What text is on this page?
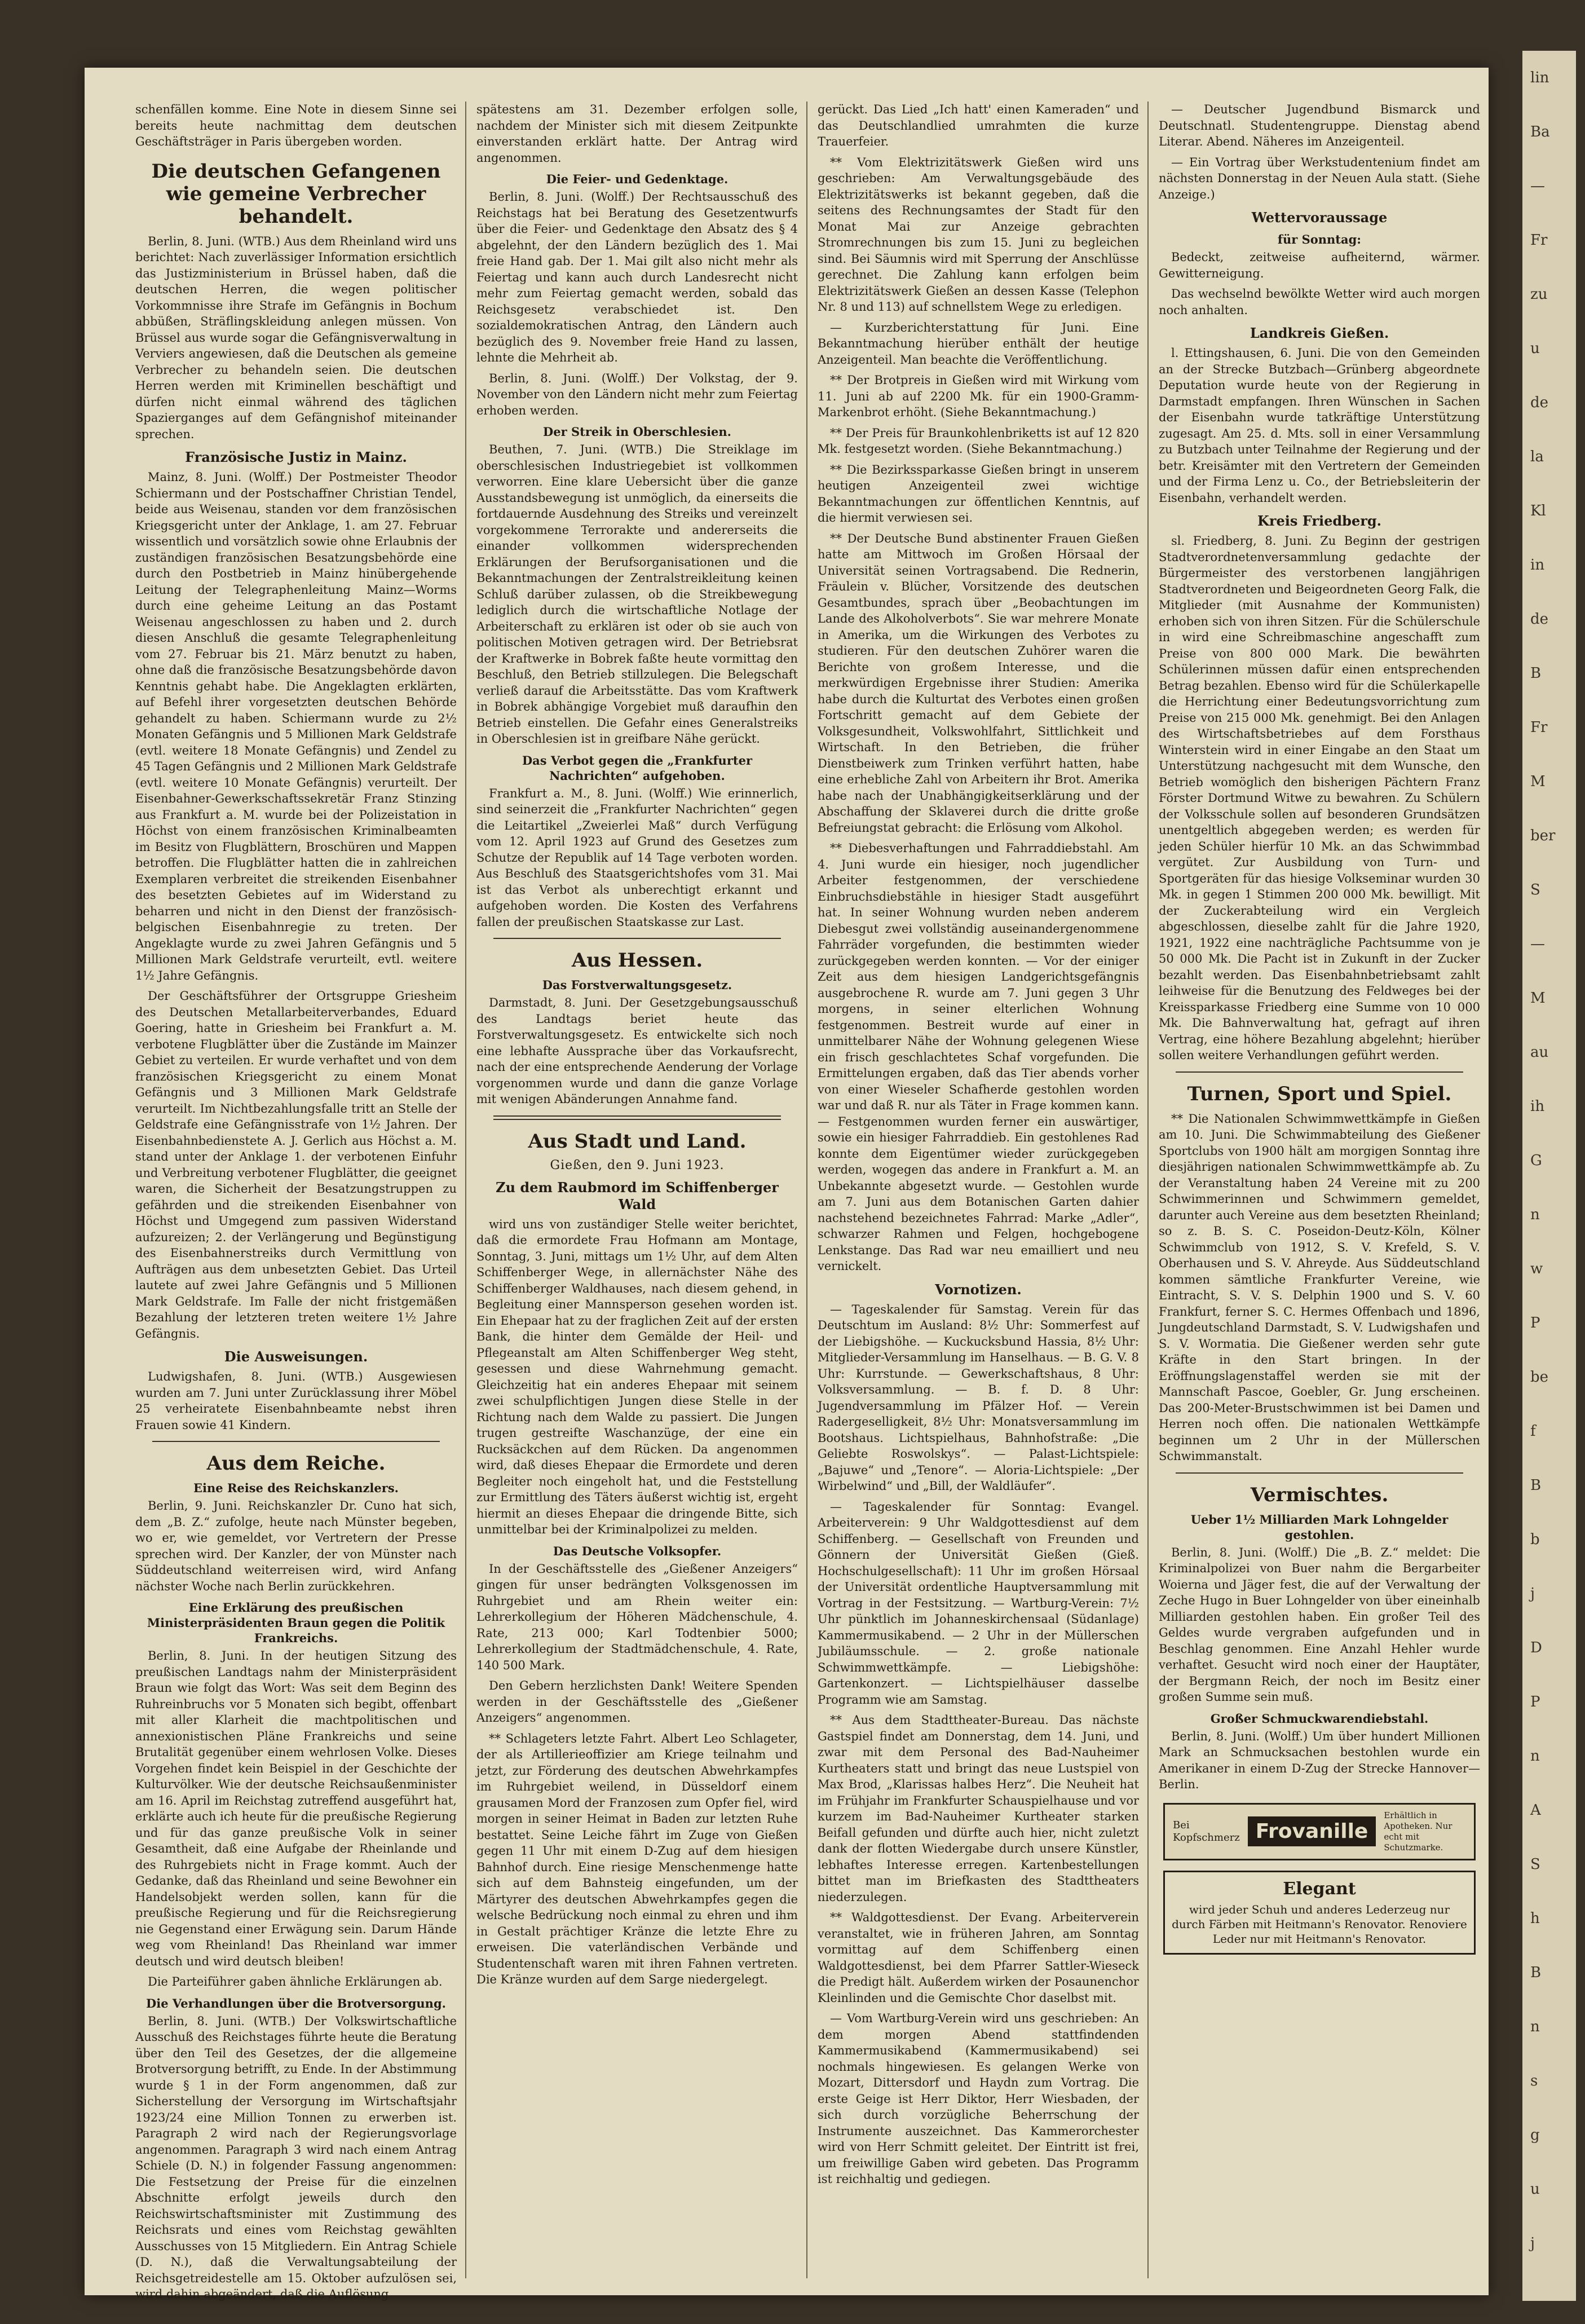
schenfällen komme. Eine Note in diesem Sinne sei bereits heute nachmittag dem deutschen Geschäftsträger in Paris übergeben worden.

Die deutschen Gefangenen wie gemeine Verbrecher behandelt.

Berlin, 8. Juni. (WTB.) Aus dem Rheinland wird uns berichtet: Nach zuverlässiger Information ersichtlich das Justizministerium in Brüssel haben, daß die deutschen Herren, die wegen politischer Vorkommnisse ihre Strafe im Gefängnis in Bochum abbüßen, Sträflingskleidung anlegen müssen. Von Brüssel aus wurde sogar die Gefängnisverwaltung in Verviers angewiesen, daß die Deutschen als gemeine Verbrecher zu behandeln seien. Die deutschen Herren werden mit Kriminellen beschäftigt und dürfen nicht einmal während des täglichen Spazierganges auf dem Gefängnishof miteinander sprechen.

Französische Justiz in Mainz.

Mainz, 8. Juni. (Wolff.) Der Postmeister Theodor Schiermann und der Postschaffner Christian Tendel, beide aus Weisenau, standen vor dem französischen Kriegsgericht unter der Anklage, 1. am 27. Februar wissentlich und vorsätzlich sowie ohne Erlaubnis der zuständigen französischen Besatzungsbehörde eine durch den Postbetrieb in Mainz hinübergehende Leitung der Telegraphenleitung Mainz—Worms durch eine geheime Leitung an das Postamt Weisenau angeschlossen zu haben und 2. durch diesen Anschluß die gesamte Telegraphenleitung vom 27. Februar bis 21. März benutzt zu haben, ohne daß die französische Besatzungsbehörde davon Kenntnis gehabt habe. Die Angeklagten erklärten, auf Befehl ihrer vorgesetzten deutschen Behörde gehandelt zu haben. Schiermann wurde zu 2½ Monaten Gefängnis und 5 Millionen Mark Geldstrafe (evtl. weitere 18 Monate Gefängnis) und Zendel zu 45 Tagen Gefängnis und 2 Millionen Mark Geldstrafe (evtl. weitere 10 Monate Gefängnis) verurteilt. Der Eisenbahner-Gewerkschaftssekretär Franz Stinzing aus Frankfurt a. M. wurde bei der Polizeistation in Höchst von einem französischen Kriminalbeamten im Besitz von Flugblättern, Broschüren und Mappen betroffen. Die Flugblätter hatten die in zahlreichen Exemplaren verbreitet die streikenden Eisenbahner des besetzten Gebietes auf im Widerstand zu beharren und nicht in den Dienst der französisch-belgischen Eisenbahnregie zu treten. Der Angeklagte wurde zu zwei Jahren Gefängnis und 5 Millionen Mark Geldstrafe verurteilt, evtl. weitere 1½ Jahre Gefängnis.

Der Geschäftsführer der Ortsgruppe Griesheim des Deutschen Metallarbeiterverbandes, Eduard Goering, hatte in Griesheim bei Frankfurt a. M. verbotene Flugblätter über die Zustände im Mainzer Gebiet zu verteilen. Er wurde verhaftet und von dem französischen Kriegsgericht zu einem Monat Gefängnis und 3 Millionen Mark Geldstrafe verurteilt. Im Nichtbezahlungsfalle tritt an Stelle der Geldstrafe eine Gefängnisstrafe von 1½ Jahren. Der Eisenbahnbedienstete A. J. Gerlich aus Höchst a. M. stand unter der Anklage 1. der verbotenen Einfuhr und Verbreitung verbotener Flugblätter, die geeignet waren, die Sicherheit der Besatzungstruppen zu gefährden und die streikenden Eisenbahner von Höchst und Umgegend zum passiven Widerstand aufzureizen; 2. der Verlängerung und Begünstigung des Eisenbahnerstreiks durch Vermittlung von Aufträgen aus dem unbesetzten Gebiet. Das Urteil lautete auf zwei Jahre Gefängnis und 5 Millionen Mark Geldstrafe. Im Falle der nicht fristgemäßen Bezahlung der letzteren treten weitere 1½ Jahre Gefängnis.

Die Ausweisungen.

Ludwigshafen, 8. Juni. (WTB.) Ausgewiesen wurden am 7. Juni unter Zurücklassung ihrer Möbel 25 verheiratete Eisenbahnbeamte nebst ihren Frauen sowie 41 Kindern.

Aus dem Reiche.
Eine Reise des Reichskanzlers.

Berlin, 9. Juni. Reichskanzler Dr. Cuno hat sich, dem „B. Z.“ zufolge, heute nach Münster begeben, wo er, wie gemeldet, vor Vertretern der Presse sprechen wird. Der Kanzler, der von Münster nach Süddeutschland weiterreisen wird, wird Anfang nächster Woche nach Berlin zurückkehren.

Eine Erklärung des preußischen Ministerpräsidenten Braun gegen die Politik Frankreichs.

Berlin, 8. Juni. In der heutigen Sitzung des preußischen Landtags nahm der Ministerpräsident Braun wie folgt das Wort: Was seit dem Beginn des Ruhreinbruchs vor 5 Monaten sich begibt, offenbart mit aller Klarheit die machtpolitischen und annexionistischen Pläne Frankreichs und seine Brutalität gegenüber einem wehrlosen Volke. Dieses Vorgehen findet kein Beispiel in der Geschichte der Kulturvölker. Wie der deutsche Reichsaußenminister am 16. April im Reichstag zutreffend ausgeführt hat, erklärte auch ich heute für die preußische Regierung und für das ganze preußische Volk in seiner Gesamtheit, daß eine Aufgabe der Rheinlande und des Ruhrgebiets nicht in Frage kommt. Auch der Gedanke, daß das Rheinland und seine Bewohner ein Handelsobjekt werden sollen, kann für die preußische Regierung und für die Reichsregierung nie Gegenstand einer Erwägung sein. Darum Hände weg vom Rheinland! Das Rheinland war immer deutsch und wird deutsch bleiben!

Die Parteiführer gaben ähnliche Erklärungen ab.

Die Verhandlungen über die Brotversorgung.

Berlin, 8. Juni. (WTB.) Der Volkswirtschaftliche Ausschuß des Reichstages führte heute die Beratung über den Teil des Gesetzes, der die allgemeine Brotversorgung betrifft, zu Ende. In der Abstimmung wurde § 1 in der Form angenommen, daß zur Sicherstellung der Versorgung im Wirtschaftsjahr 1923/24 eine Million Tonnen zu erwerben ist. Paragraph 2 wird nach der Regierungsvorlage angenommen. Paragraph 3 wird nach einem Antrag Schiele (D. N.) in folgender Fassung angenommen: Die Festsetzung der Preise für die einzelnen Abschnitte erfolgt jeweils durch den Reichswirtschaftsminister mit Zustimmung des Reichsrats und eines vom Reichstag gewählten Ausschusses von 15 Mitgliedern. Ein Antrag Schiele (D. N.), daß die Verwaltungsabteilung der Reichsgetreidestelle am 15. Oktober aufzulösen sei, wird dahin abgeändert, daß die Auflösung

spätestens am 31. Dezember erfolgen solle, nachdem der Minister sich mit diesem Zeitpunkte einverstanden erklärt hatte. Der Antrag wird angenommen.

Die Feier- und Gedenktage.

Berlin, 8. Juni. (Wolff.) Der Rechtsausschuß des Reichstags hat bei Beratung des Gesetzentwurfs über die Feier- und Gedenktage den Absatz des § 4 abgelehnt, der den Ländern bezüglich des 1. Mai freie Hand gab. Der 1. Mai gilt also nicht mehr als Feiertag und kann auch durch Landesrecht nicht mehr zum Feiertag gemacht werden, sobald das Reichsgesetz verabschiedet ist. Den sozialdemokratischen Antrag, den Ländern auch bezüglich des 9. November freie Hand zu lassen, lehnte die Mehrheit ab.

Berlin, 8. Juni. (Wolff.) Der Volkstag, der 9. November von den Ländern nicht mehr zum Feiertag erhoben werden.

Der Streik in Oberschlesien.

Beuthen, 7. Juni. (WTB.) Die Streiklage im oberschlesischen Industriegebiet ist vollkommen verworren. Eine klare Uebersicht über die ganze Ausstandsbewegung ist unmöglich, da einerseits die fortdauernde Ausdehnung des Streiks und vereinzelt vorgekommene Terrorakte und andererseits die einander vollkommen widersprechenden Erklärungen der Berufsorganisationen und die Bekanntmachungen der Zentralstreikleitung keinen Schluß darüber zulassen, ob die Streikbewegung lediglich durch die wirtschaftliche Notlage der Arbeiterschaft zu erklären ist oder ob sie auch von politischen Motiven getragen wird. Der Betriebsrat der Kraftwerke in Bobrek faßte heute vormittag den Beschluß, den Betrieb stillzulegen. Die Belegschaft verließ darauf die Arbeitsstätte. Das vom Kraftwerk in Bobrek abhängige Vorgebiet muß daraufhin den Betrieb einstellen. Die Gefahr eines Generalstreiks in Oberschlesien ist in greifbare Nähe gerückt.

Das Verbot gegen die „Frankfurter Nachrichten“ aufgehoben.

Frankfurt a. M., 8. Juni. (Wolff.) Wie erinnerlich, sind seinerzeit die „Frankfurter Nachrichten“ gegen die Leitartikel „Zweierlei Maß“ durch Verfügung vom 12. April 1923 auf Grund des Gesetzes zum Schutze der Republik auf 14 Tage verboten worden. Aus Beschluß des Staatsgerichtshofes vom 31. Mai ist das Verbot als unberechtigt erkannt und aufgehoben worden. Die Kosten des Verfahrens fallen der preußischen Staatskasse zur Last.

Aus Hessen.
Das Forstverwaltungsgesetz.

Darmstadt, 8. Juni. Der Gesetzgebungsausschuß des Landtags beriet heute das Forstverwaltungsgesetz. Es entwickelte sich noch eine lebhafte Aussprache über das Vorkaufsrecht, nach der eine entsprechende Aenderung der Vorlage vorgenommen wurde und dann die ganze Vorlage mit wenigen Abänderungen Annahme fand.

Aus Stadt und Land.
Gießen, den 9. Juni 1923.
Zu dem Raubmord im Schiffenberger Wald

wird uns von zuständiger Stelle weiter berichtet, daß die ermordete Frau Hofmann am Montage, Sonntag, 3. Juni, mittags um 1½ Uhr, auf dem Alten Schiffenberger Wege, in allernächster Nähe des Schiffenberger Waldhauses, nach diesem gehend, in Begleitung einer Mannsperson gesehen worden ist. Ein Ehepaar hat zu der fraglichen Zeit auf der ersten Bank, die hinter dem Gemälde der Heil- und Pflegeanstalt am Alten Schiffenberger Weg steht, gesessen und diese Wahrnehmung gemacht. Gleichzeitig hat ein anderes Ehepaar mit seinem zwei schulpflichtigen Jungen diese Stelle in der Richtung nach dem Walde zu passiert. Die Jungen trugen gestreifte Waschanzüge, der eine ein Rucksäckchen auf dem Rücken. Da angenommen wird, daß dieses Ehepaar die Ermordete und deren Begleiter noch eingeholt hat, und die Feststellung zur Ermittlung des Täters äußerst wichtig ist, ergeht hiermit an dieses Ehepaar die dringende Bitte, sich unmittelbar bei der Kriminalpolizei zu melden.

Das Deutsche Volksopfer.

In der Geschäftsstelle des „Gießener Anzeigers“ gingen für unser bedrängten Volksgenossen im Ruhrgebiet und am Rhein weiter ein: Lehrerkollegium der Höheren Mädchenschule, 4. Rate, 213 000; Karl Todtenbier 5000; Lehrerkollegium der Stadtmädchenschule, 4. Rate, 140 500 Mark.

Den Gebern herzlichsten Dank! Weitere Spenden werden in der Geschäftsstelle des „Gießener Anzeigers“ angenommen.

** Schlageters letzte Fahrt. Albert Leo Schlageter, der als Artillerieoffizier am Kriege teilnahm und jetzt, zur Förderung des deutschen Abwehrkampfes im Ruhrgebiet weilend, in Düsseldorf einem grausamen Mord der Franzosen zum Opfer fiel, wird morgen in seiner Heimat in Baden zur letzten Ruhe bestattet. Seine Leiche fährt im Zuge von Gießen gegen 11 Uhr mit einem D-Zug auf dem hiesigen Bahnhof durch. Eine riesige Menschenmenge hatte sich auf dem Bahnsteig eingefunden, um der Märtyrer des deutschen Abwehrkampfes gegen die welsche Bedrückung noch einmal zu ehren und ihm in Gestalt prächtiger Kränze die letzte Ehre zu erweisen. Die vaterländischen Verbände und Studentenschaft waren mit ihren Fahnen vertreten. Die Kränze wurden auf dem Sarge niedergelegt.

gerückt. Das Lied „Ich hatt' einen Kameraden“ und das Deutschlandlied umrahmten die kurze Trauerfeier.

** Vom Elektrizitätswerk Gießen wird uns geschrieben: Am Verwaltungsgebäude des Elektrizitätswerks ist bekannt gegeben, daß die seitens des Rechnungsamtes der Stadt für den Monat Mai zur Anzeige gebrachten Stromrechnungen bis zum 15. Juni zu begleichen sind. Bei Säumnis wird mit Sperrung der Anschlüsse gerechnet. Die Zahlung kann erfolgen beim Elektrizitätswerk Gießen an dessen Kasse (Telephon Nr. 8 und 113) auf schnellstem Wege zu erledigen.

— Kurzberichterstattung für Juni. Eine Bekanntmachung hierüber enthält der heutige Anzeigenteil. Man beachte die Veröffentlichung.

** Der Brotpreis in Gießen wird mit Wirkung vom 11. Juni ab auf 2200 Mk. für ein 1900-Gramm-Markenbrot erhöht. (Siehe Bekanntmachung.)

** Der Preis für Braunkohlenbriketts ist auf 12 820 Mk. festgesetzt worden. (Siehe Bekanntmachung.)

** Die Bezirkssparkasse Gießen bringt in unserem heutigen Anzeigenteil zwei wichtige Bekanntmachungen zur öffentlichen Kenntnis, auf die hiermit verwiesen sei.

** Der Deutsche Bund abstinenter Frauen Gießen hatte am Mittwoch im Großen Hörsaal der Universität seinen Vortragsabend. Die Rednerin, Fräulein v. Blücher, Vorsitzende des deutschen Gesamtbundes, sprach über „Beobachtungen im Lande des Alkoholverbots“. Sie war mehrere Monate in Amerika, um die Wirkungen des Verbotes zu studieren. Für den deutschen Zuhörer waren die Berichte von großem Interesse, und die merkwürdigen Ergebnisse ihrer Studien: Amerika habe durch die Kulturtat des Verbotes einen großen Fortschritt gemacht auf dem Gebiete der Volksgesundheit, Volkswohlfahrt, Sittlichkeit und Wirtschaft. In den Betrieben, die früher Dienstbeiwerk zum Trinken verführt hatten, habe eine erhebliche Zahl von Arbeitern ihr Brot. Amerika habe nach der Unabhängigkeitserklärung und der Abschaffung der Sklaverei durch die dritte große Befreiungstat gebracht: die Erlösung vom Alkohol.

** Diebesverhaftungen und Fahrraddiebstahl. Am 4. Juni wurde ein hiesiger, noch jugendlicher Arbeiter festgenommen, der verschiedene Einbruchsdiebstähle in hiesiger Stadt ausgeführt hat. In seiner Wohnung wurden neben anderem Diebesgut zwei vollständig auseinandergenommene Fahrräder vorgefunden, die bestimmten wieder zurückgegeben werden konnten. — Vor der einiger Zeit aus dem hiesigen Landgerichtsgefängnis ausgebrochene R. wurde am 7. Juni gegen 3 Uhr morgens, in seiner elterlichen Wohnung festgenommen. Bestreit wurde auf einer in unmittelbarer Nähe der Wohnung gelegenen Wiese ein frisch geschlachtetes Schaf vorgefunden. Die Ermittelungen ergaben, daß das Tier abends vorher von einer Wieseler Schafherde gestohlen worden war und daß R. nur als Täter in Frage kommen kann. — Festgenommen wurden ferner ein auswärtiger, sowie ein hiesiger Fahrraddieb. Ein gestohlenes Rad konnte dem Eigentümer wieder zurückgegeben werden, wogegen das andere in Frankfurt a. M. an Unbekannte abgesetzt wurde. — Gestohlen wurde am 7. Juni aus dem Botanischen Garten dahier nachstehend bezeichnetes Fahrrad: Marke „Adler“, schwarzer Rahmen und Felgen, hochgebogene Lenkstange. Das Rad war neu emailliert und neu vernickelt.

Vornotizen.

— Tageskalender für Samstag. Verein für das Deutschtum im Ausland: 8½ Uhr: Sommerfest auf der Liebigshöhe. — Kuckucksbund Hassia, 8½ Uhr: Mitglieder-Versammlung im Hanselhaus. — B. G. V. 8 Uhr: Kurrstunde. — Gewerkschaftshaus, 8 Uhr: Volksversammlung. — B. f. D. 8 Uhr: Jugendversammlung im Pfälzer Hof. — Verein Radergeselligkeit, 8½ Uhr: Monatsversammlung im Bootshaus. Lichtspielhaus, Bahnhofstraße: „Die Geliebte Roswolskys“. — Palast-Lichtspiele: „Bajuwe“ und „Tenore“. — Aloria-Lichtspiele: „Der Wirbelwind“ und „Bill, der Waldläufer“.

— Tageskalender für Sonntag: Evangel. Arbeiterverein: 9 Uhr Waldgottesdienst auf dem Schiffenberg. — Gesellschaft von Freunden und Gönnern der Universität Gießen (Gieß. Hochschulgesellschaft): 11 Uhr im großen Hörsaal der Universität ordentliche Hauptversammlung mit Vortrag in der Festsitzung. — Wartburg-Verein: 7½ Uhr pünktlich im Johanneskirchensaal (Südanlage) Kammermusikabend. — 2 Uhr in der Müllerschen Jubiläumsschule. — 2. große nationale Schwimmwettkämpfe. — Liebigshöhe: Gartenkonzert. — Lichtspielhäuser dasselbe Programm wie am Samstag.

** Aus dem Stadttheater-Bureau. Das nächste Gastspiel findet am Donnerstag, dem 14. Juni, und zwar mit dem Personal des Bad-Nauheimer Kurtheaters statt und bringt das neue Lustspiel von Max Brod, „Klarissas halbes Herz“. Die Neuheit hat im Frühjahr im Frankfurter Schauspielhause und vor kurzem im Bad-Nauheimer Kurtheater starken Beifall gefunden und dürfte auch hier, nicht zuletzt dank der flotten Wiedergabe durch unsere Künstler, lebhaftes Interesse erregen. Kartenbestellungen bittet man im Briefkasten des Stadttheaters niederzulegen.

** Waldgottesdienst. Der Evang. Arbeiterverein veranstaltet, wie in früheren Jahren, am Sonntag vormittag auf dem Schiffenberg einen Waldgottesdienst, bei dem Pfarrer Sattler-Wieseck die Predigt hält. Außerdem wirken der Posaunenchor Kleinlinden und die Gemischte Chor daselbst mit.

— Vom Wartburg-Verein wird uns geschrieben: An dem morgen Abend stattfindenden Kammermusikabend (Kammermusikabend) sei nochmals hingewiesen. Es gelangen Werke von Mozart, Dittersdorf und Haydn zum Vortrag. Die erste Geige ist Herr Diktor, Herr Wiesbaden, der sich durch vorzügliche Beherrschung der Instrumente auszeichnet. Das Kammerorchester wird von Herr Schmitt geleitet. Der Eintritt ist frei, um freiwillige Gaben wird gebeten. Das Programm ist reichhaltig und gediegen.

— Deutscher Jugendbund Bismarck und Deutschnatl. Studentengruppe. Dienstag abend Literar. Abend. Näheres im Anzeigenteil.

— Ein Vortrag über Werkstudentenium findet am nächsten Donnerstag in der Neuen Aula statt. (Siehe Anzeige.)

Wettervoraussage
für Sonntag:

Bedeckt, zeitweise aufheiternd, wärmer. Gewitterneigung.

Das wechselnd bewölkte Wetter wird auch morgen noch anhalten.

Landkreis Gießen.

l. Ettingshausen, 6. Juni. Die von den Gemeinden an der Strecke Butzbach—Grünberg abgeordnete Deputation wurde heute von der Regierung in Darmstadt empfangen. Ihren Wünschen in Sachen der Eisenbahn wurde tatkräftige Unterstützung zugesagt. Am 25. d. Mts. soll in einer Versammlung zu Butzbach unter Teilnahme der Regierung und der betr. Kreisämter mit den Vertretern der Gemeinden und der Firma Lenz u. Co., der Betriebsleiterin der Eisenbahn, verhandelt werden.

Kreis Friedberg.

sl. Friedberg, 8. Juni. Zu Beginn der gestrigen Stadtverordnetenversammlung gedachte der Bürgermeister des verstorbenen langjährigen Stadtverordneten und Beigeordneten Georg Falk, die Mitglieder (mit Ausnahme der Kommunisten) erhoben sich von ihren Sitzen. Für die Schülerschule in wird eine Schreibmaschine angeschafft zum Preise von 800 000 Mark. Die bewährten Schülerinnen müssen dafür einen entsprechenden Betrag bezahlen. Ebenso wird für die Schülerkapelle die Herrichtung einer Bedeutungsvorrichtung zum Preise von 215 000 Mk. genehmigt. Bei den Anlagen des Wirtschaftsbetriebes auf dem Forsthaus Winterstein wird in einer Eingabe an den Staat um Unterstützung nachgesucht mit dem Wunsche, den Betrieb womöglich den bisherigen Pächtern Franz Förster Dortmund Witwe zu bewahren. Zu Schülern der Volksschule sollen auf besonderen Grundsätzen unentgeltlich abgegeben werden; es werden für jeden Schüler hierfür 10 Mk. an das Schwimmbad vergütet. Zur Ausbildung von Turn- und Sportgeräten für das hiesige Volkseminar wurden 30 Mk. in gegen 1 Stimmen 200 000 Mk. bewilligt. Mit der Zuckerabteilung wird ein Vergleich abgeschlossen, dieselbe zahlt für die Jahre 1920, 1921, 1922 eine nachträgliche Pachtsumme von je 50 000 Mk. Die Pacht ist in Zukunft in der Zucker bezahlt werden. Das Eisenbahnbetriebsamt zahlt leihweise für die Benutzung des Feldweges bei der Kreissparkasse Friedberg eine Summe von 10 000 Mk. Die Bahnverwaltung hat, gefragt auf ihren Vertrag, eine höhere Bezahlung abgelehnt; hierüber sollen weitere Verhandlungen geführt werden.

Turnen, Sport und Spiel.

** Die Nationalen Schwimmwettkämpfe in Gießen am 10. Juni. Die Schwimmabteilung des Gießener Sportclubs von 1900 hält am morgigen Sonntag ihre diesjährigen nationalen Schwimmwettkämpfe ab. Zu der Veranstaltung haben 24 Vereine mit zu 200 Schwimmerinnen und Schwimmern gemeldet, darunter auch Vereine aus dem besetzten Rheinland; so z. B. S. C. Poseidon-Deutz-Köln, Kölner Schwimmclub von 1912, S. V. Krefeld, S. V. Oberhausen und S. V. Ahreyde. Aus Süddeutschland kommen sämtliche Frankfurter Vereine, wie Eintracht, S. V. S. Delphin 1900 und S. V. 60 Frankfurt, ferner S. C. Hermes Offenbach und 1896, Jungdeutschland Darmstadt, S. V. Ludwigshafen und S. V. Wormatia. Die Gießener werden sehr gute Kräfte in den Start bringen. In der Eröffnungslagenstaffel werden sie mit der Mannschaft Pascoe, Goebler, Gr. Jung erscheinen. Das 200-Meter-Brustschwimmen ist bei Damen und Herren noch offen. Die nationalen Wettkämpfe beginnen um 2 Uhr in der Müllerschen Schwimmanstalt.

Vermischtes.
Ueber 1½ Milliarden Mark Lohngelder gestohlen.

Berlin, 8. Juni. (Wolff.) Die „B. Z.“ meldet: Die Kriminalpolizei von Buer nahm die Bergarbeiter Woierna und Jäger fest, die auf der Verwaltung der Zeche Hugo in Buer Lohngelder von über eineinhalb Milliarden gestohlen haben. Ein großer Teil des Geldes wurde vergraben aufgefunden und in Beschlag genommen. Eine Anzahl Hehler wurde verhaftet. Gesucht wird noch einer der Hauptäter, der Bergmann Reich, der noch im Besitz einer großen Summe sein muß.

Großer Schmuckwarendiebstahl.

Berlin, 8. Juni. (Wolff.) Um über hundert Millionen Mark an Schmucksachen bestohlen wurde ein Amerikaner in einem D-Zug der Strecke Hannover—Berlin.

Bei Kopfschmerz Frovanille
Erhältlich in Apotheken. Nur echt mit Schutzmarke.
Elegant
wird jeder Schuh und anderes Lederzeug nur durch Färben mit Heitmann's Renovator. Renoviere Leder nur mit Heitmann's Renovator.
lin
Ba
—
Fr
zu
u
de
la
Kl
in
de
B
Fr
M
ber
S
—
M
au
ih
G
n
w
P
be
f
B
b
j
D
P
n
A
S
h
B
n
s
g
u
j
